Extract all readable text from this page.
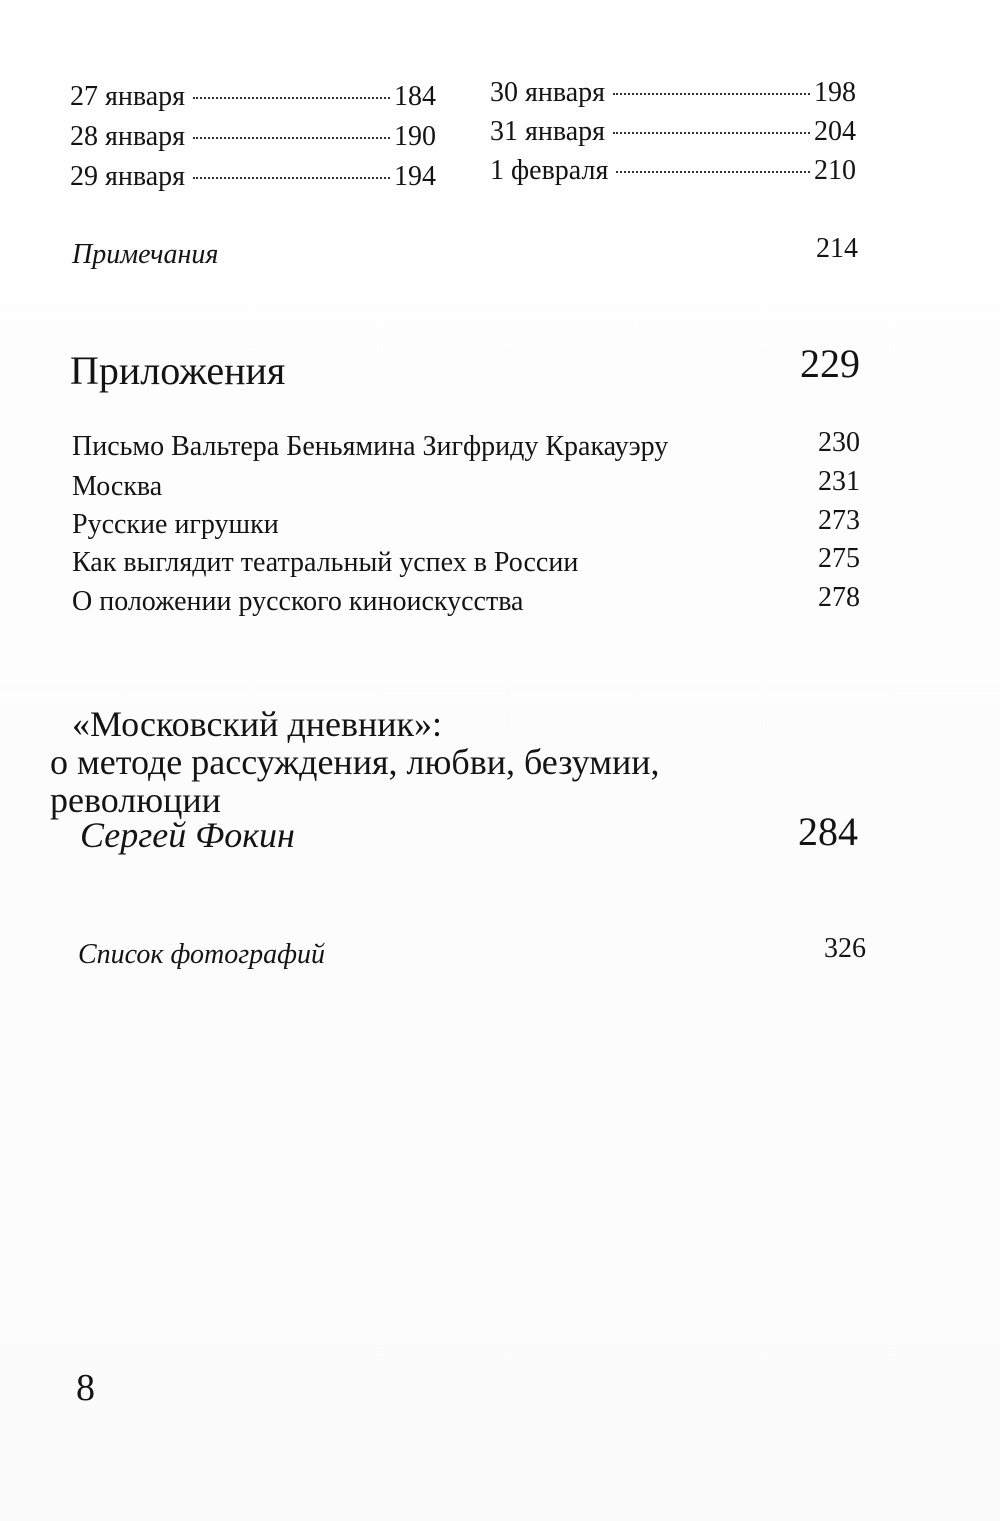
27 января	184
28 января	190
29 января	194
30 января	198
31 января	204
1 февраля	210
Примечания	214
Приложения	229
Письмо Вальтера Беньямина Зигфриду Кракауэру	230
Москва	231
Русские игрушки	273
Как выглядит театральный успех в России	275
О положении русского киноискусства	278
«Московский дневник»:
о методе рассуждения, любви, безумии,
революции
Сергей Фокин	284
Список фотографий	326
8
